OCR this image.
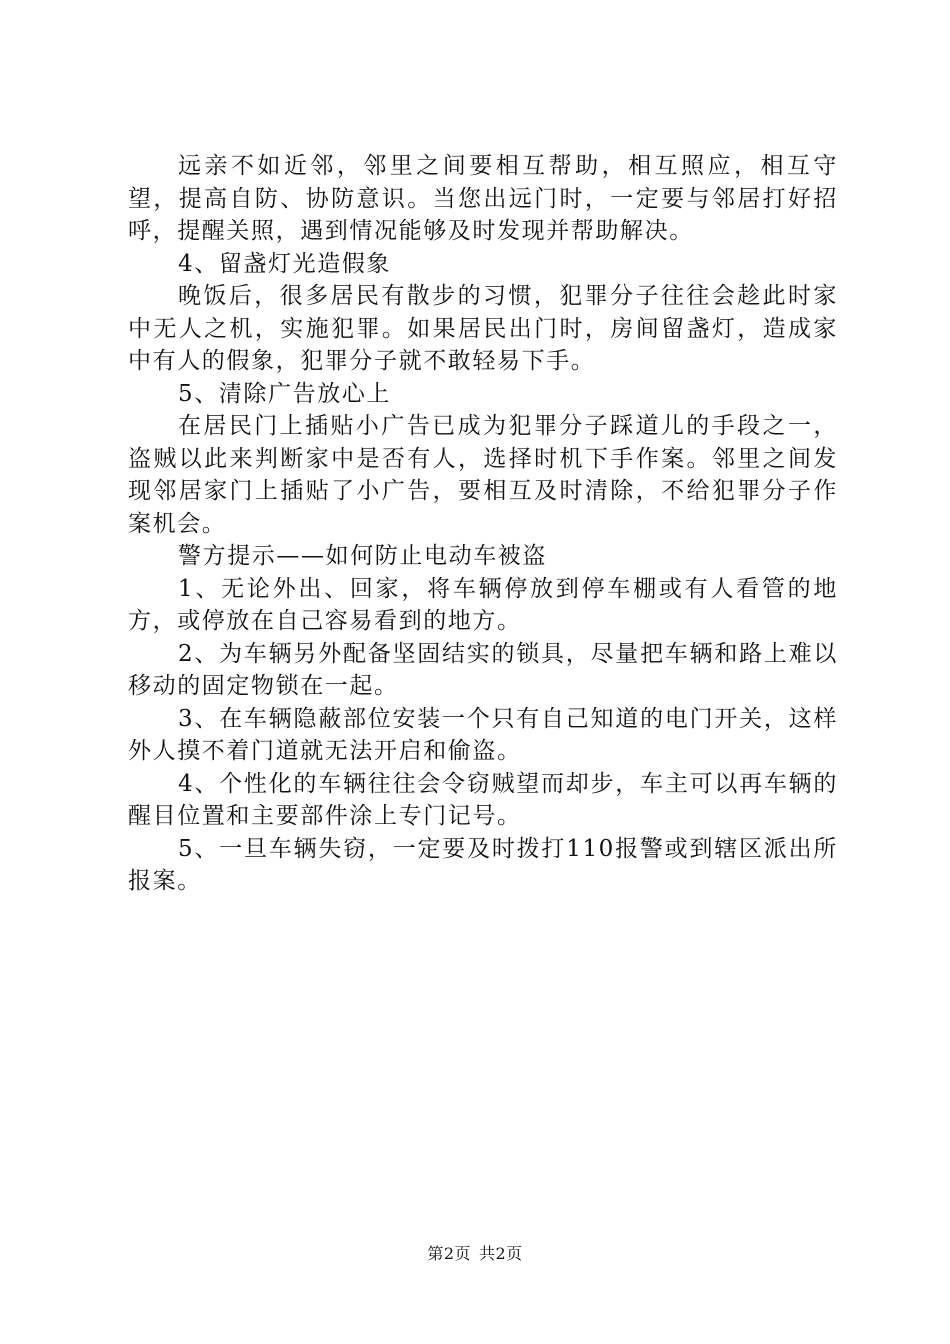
远亲不如近邻，邻里之间要相互帮助，相互照应，相互守望，提高自防、协防意识。当您出远门时，一定要与邻居打好招呼，提醒关照，遇到情况能够及时发现并帮助解决。

4、留盏灯光造假象

晚饭后，很多居民有散步的习惯，犯罪分子往往会趁此时家中无人之机，实施犯罪。如果居民出门时，房间留盏灯，造成家中有人的假象，犯罪分子就不敢轻易下手。

5、清除广告放心上

在居民门上插贴小广告已成为犯罪分子踩道儿的手段之一，盗贼以此来判断家中是否有人，选择时机下手作案。邻里之间发现邻居家门上插贴了小广告，要相互及时清除，不给犯罪分子作案机会。

警方提示——如何防止电动车被盗

1、无论外出、回家，将车辆停放到停车棚或有人看管的地方，或停放在自己容易看到的地方。

2、为车辆另外配备坚固结实的锁具，尽量把车辆和路上难以移动的固定物锁在一起。

3、在车辆隐蔽部位安装一个只有自己知道的电门开关，这样外人摸不着门道就无法开启和偷盗。

4、个性化的车辆往往会令窃贼望而却步，车主可以再车辆的醒目位置和主要部件涂上专门记号。

5、一旦车辆失窃，一定要及时拨打110报警或到辖区派出所报案。

第2页 共2页
